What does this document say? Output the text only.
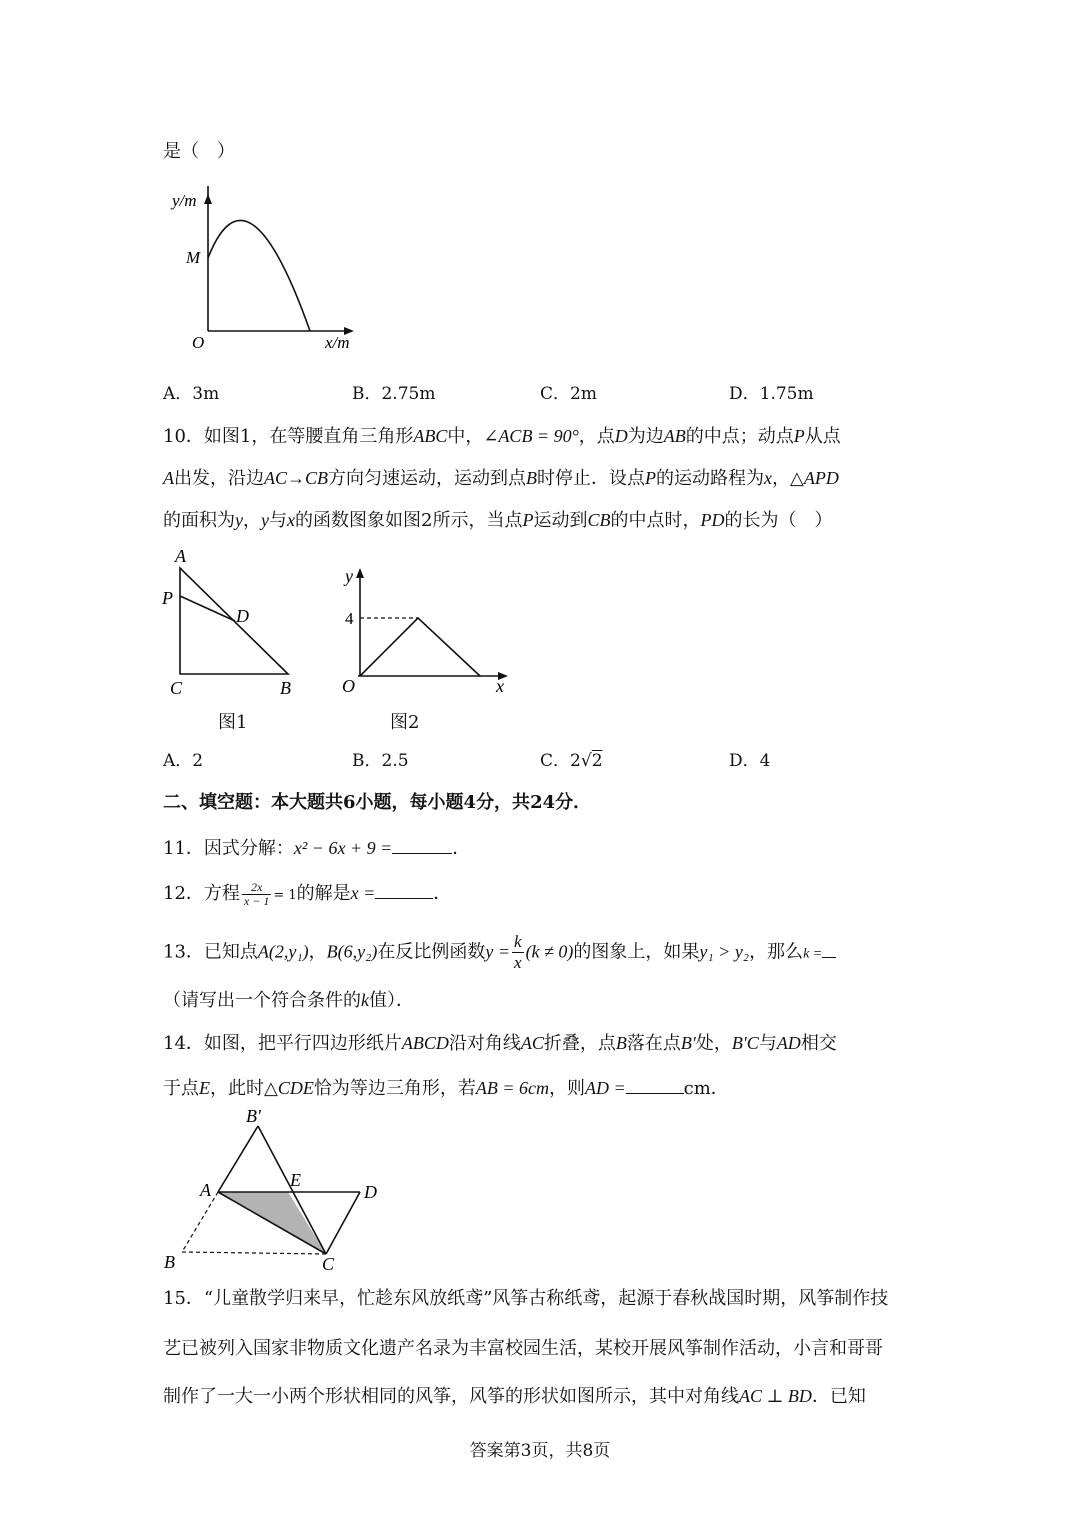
是（　）
y/m
M
O	x/m
A．3m	B．2.75m	C．2m	D．1.75m
10．如图1，在等腰直角三角形ABC中，∠ACB = 90°，点D为边AB的中点；动点P从点
A出发，沿边AC→CB方向匀速运动，运动到点B时停止．设点P的运动路程为x，△APD
的面积为y，y与x的函数图象如图2所示，当点P运动到CB的中点时，PD的长为（　）
A
P
D
C	B
图1
y
4
O	x
图2
A．2	B．2.5	C．2√2	D．4
二、填空题：本大题共6小题，每小题4分，共24分．
11．因式分解：x² − 6x + 9 =	．
12．方程 $\frac{2x}{x - 1} = 1$的解是x =	．
13．已知点A(2,y₁)，B(6,y₂)在反比例函数$y = \frac{k}{x} (k \ne 0)$的图象上，如果y₁ > y₂，那么k =
（请写出一个符合条件的k值）．
14．如图，把平行四边形纸片ABCD沿对角线AC折叠，点B落在点B′处，B′C与AD相交
于点E，此时△CDE恰为等边三角形，若AB = 6cm，则AD =	cm．
B′
A	E
D
B	C
15．“儿童散学归来早，忙趁东风放纸鸢”风筝古称纸鸢，起源于春秋战国时期，风筝制作技
艺已被列入国家非物质文化遗产名录为丰富校园生活，某校开展风筝制作活动，小言和哥哥
制作了一大一小两个形状相同的风筝，风筝的形状如图所示，其中对角线AC ⊥ BD．已知
答案第3页，共8页
